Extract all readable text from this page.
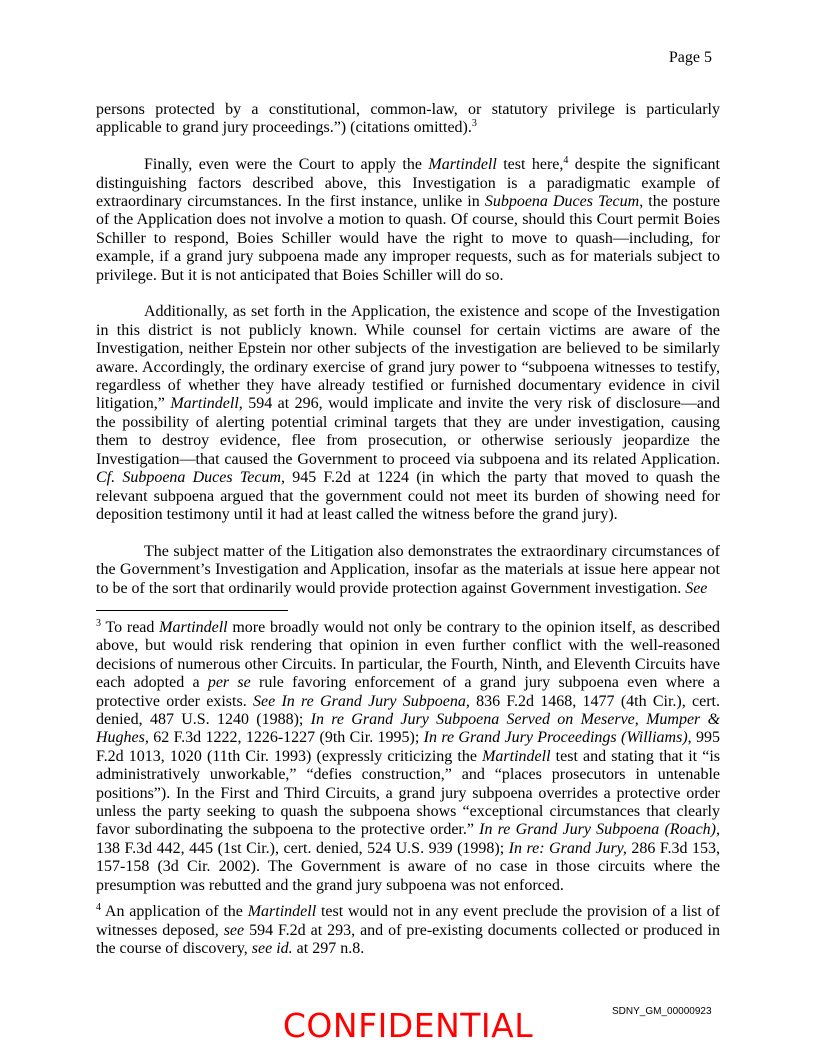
Page 5

persons protected by a constitutional, common-law, or statutory privilege is particularly applicable to grand jury proceedings.”) (citations omitted).$^3$

Finally, even were the Court to apply the Martindell test here,$^4$ despite the significant distinguishing factors described above, this Investigation is a paradigmatic example of extraordinary circumstances. In the first instance, unlike in Subpoena Duces Tecum, the posture of the Application does not involve a motion to quash. Of course, should this Court permit Boies Schiller to respond, Boies Schiller would have the right to move to quash—including, for example, if a grand jury subpoena made any improper requests, such as for materials subject to privilege. But it is not anticipated that Boies Schiller will do so.

Additionally, as set forth in the Application, the existence and scope of the Investigation in this district is not publicly known. While counsel for certain victims are aware of the Investigation, neither Epstein nor other subjects of the investigation are believed to be similarly aware. Accordingly, the ordinary exercise of grand jury power to “subpoena witnesses to testify, regardless of whether they have already testified or furnished documentary evidence in civil litigation,” Martindell, 594 at 296, would implicate and invite the very risk of disclosure—and the possibility of alerting potential criminal targets that they are under investigation, causing them to destroy evidence, flee from prosecution, or otherwise seriously jeopardize the Investigation—that caused the Government to proceed via subpoena and its related Application. Cf. Subpoena Duces Tecum, 945 F.2d at 1224 (in which the party that moved to quash the relevant subpoena argued that the government could not meet its burden of showing need for deposition testimony until it had at least called the witness before the grand jury).

The subject matter of the Litigation also demonstrates the extraordinary circumstances of the Government’s Investigation and Application, insofar as the materials at issue here appear not to be of the sort that ordinarily would provide protection against Government investigation. See

$^3$ To read Martindell more broadly would not only be contrary to the opinion itself, as described above, but would risk rendering that opinion in even further conflict with the well-reasoned decisions of numerous other Circuits. In particular, the Fourth, Ninth, and Eleventh Circuits have each adopted a per se rule favoring enforcement of a grand jury subpoena even where a protective order exists. See In re Grand Jury Subpoena, 836 F.2d 1468, 1477 (4th Cir.), cert. denied, 487 U.S. 1240 (1988); In re Grand Jury Subpoena Served on Meserve, Mumper & Hughes, 62 F.3d 1222, 1226-1227 (9th Cir. 1995); In re Grand Jury Proceedings (Williams), 995 F.2d 1013, 1020 (11th Cir. 1993) (expressly criticizing the Martindell test and stating that it “is administratively unworkable,” “defies construction,” and “places prosecutors in untenable positions”). In the First and Third Circuits, a grand jury subpoena overrides a protective order unless the party seeking to quash the subpoena shows “exceptional circumstances that clearly favor subordinating the subpoena to the protective order.” In re Grand Jury Subpoena (Roach), 138 F.3d 442, 445 (1st Cir.), cert. denied, 524 U.S. 939 (1998); In re: Grand Jury, 286 F.3d 153, 157-158 (3d Cir. 2002). The Government is aware of no case in those circuits where the presumption was rebutted and the grand jury subpoena was not enforced.

$^4$ An application of the Martindell test would not in any event preclude the provision of a list of witnesses deposed, see 594 F.2d at 293, and of pre-existing documents collected or produced in the course of discovery, see id. at 297 n.8.

SDNY_GM_00000923
CONFIDENTIAL
